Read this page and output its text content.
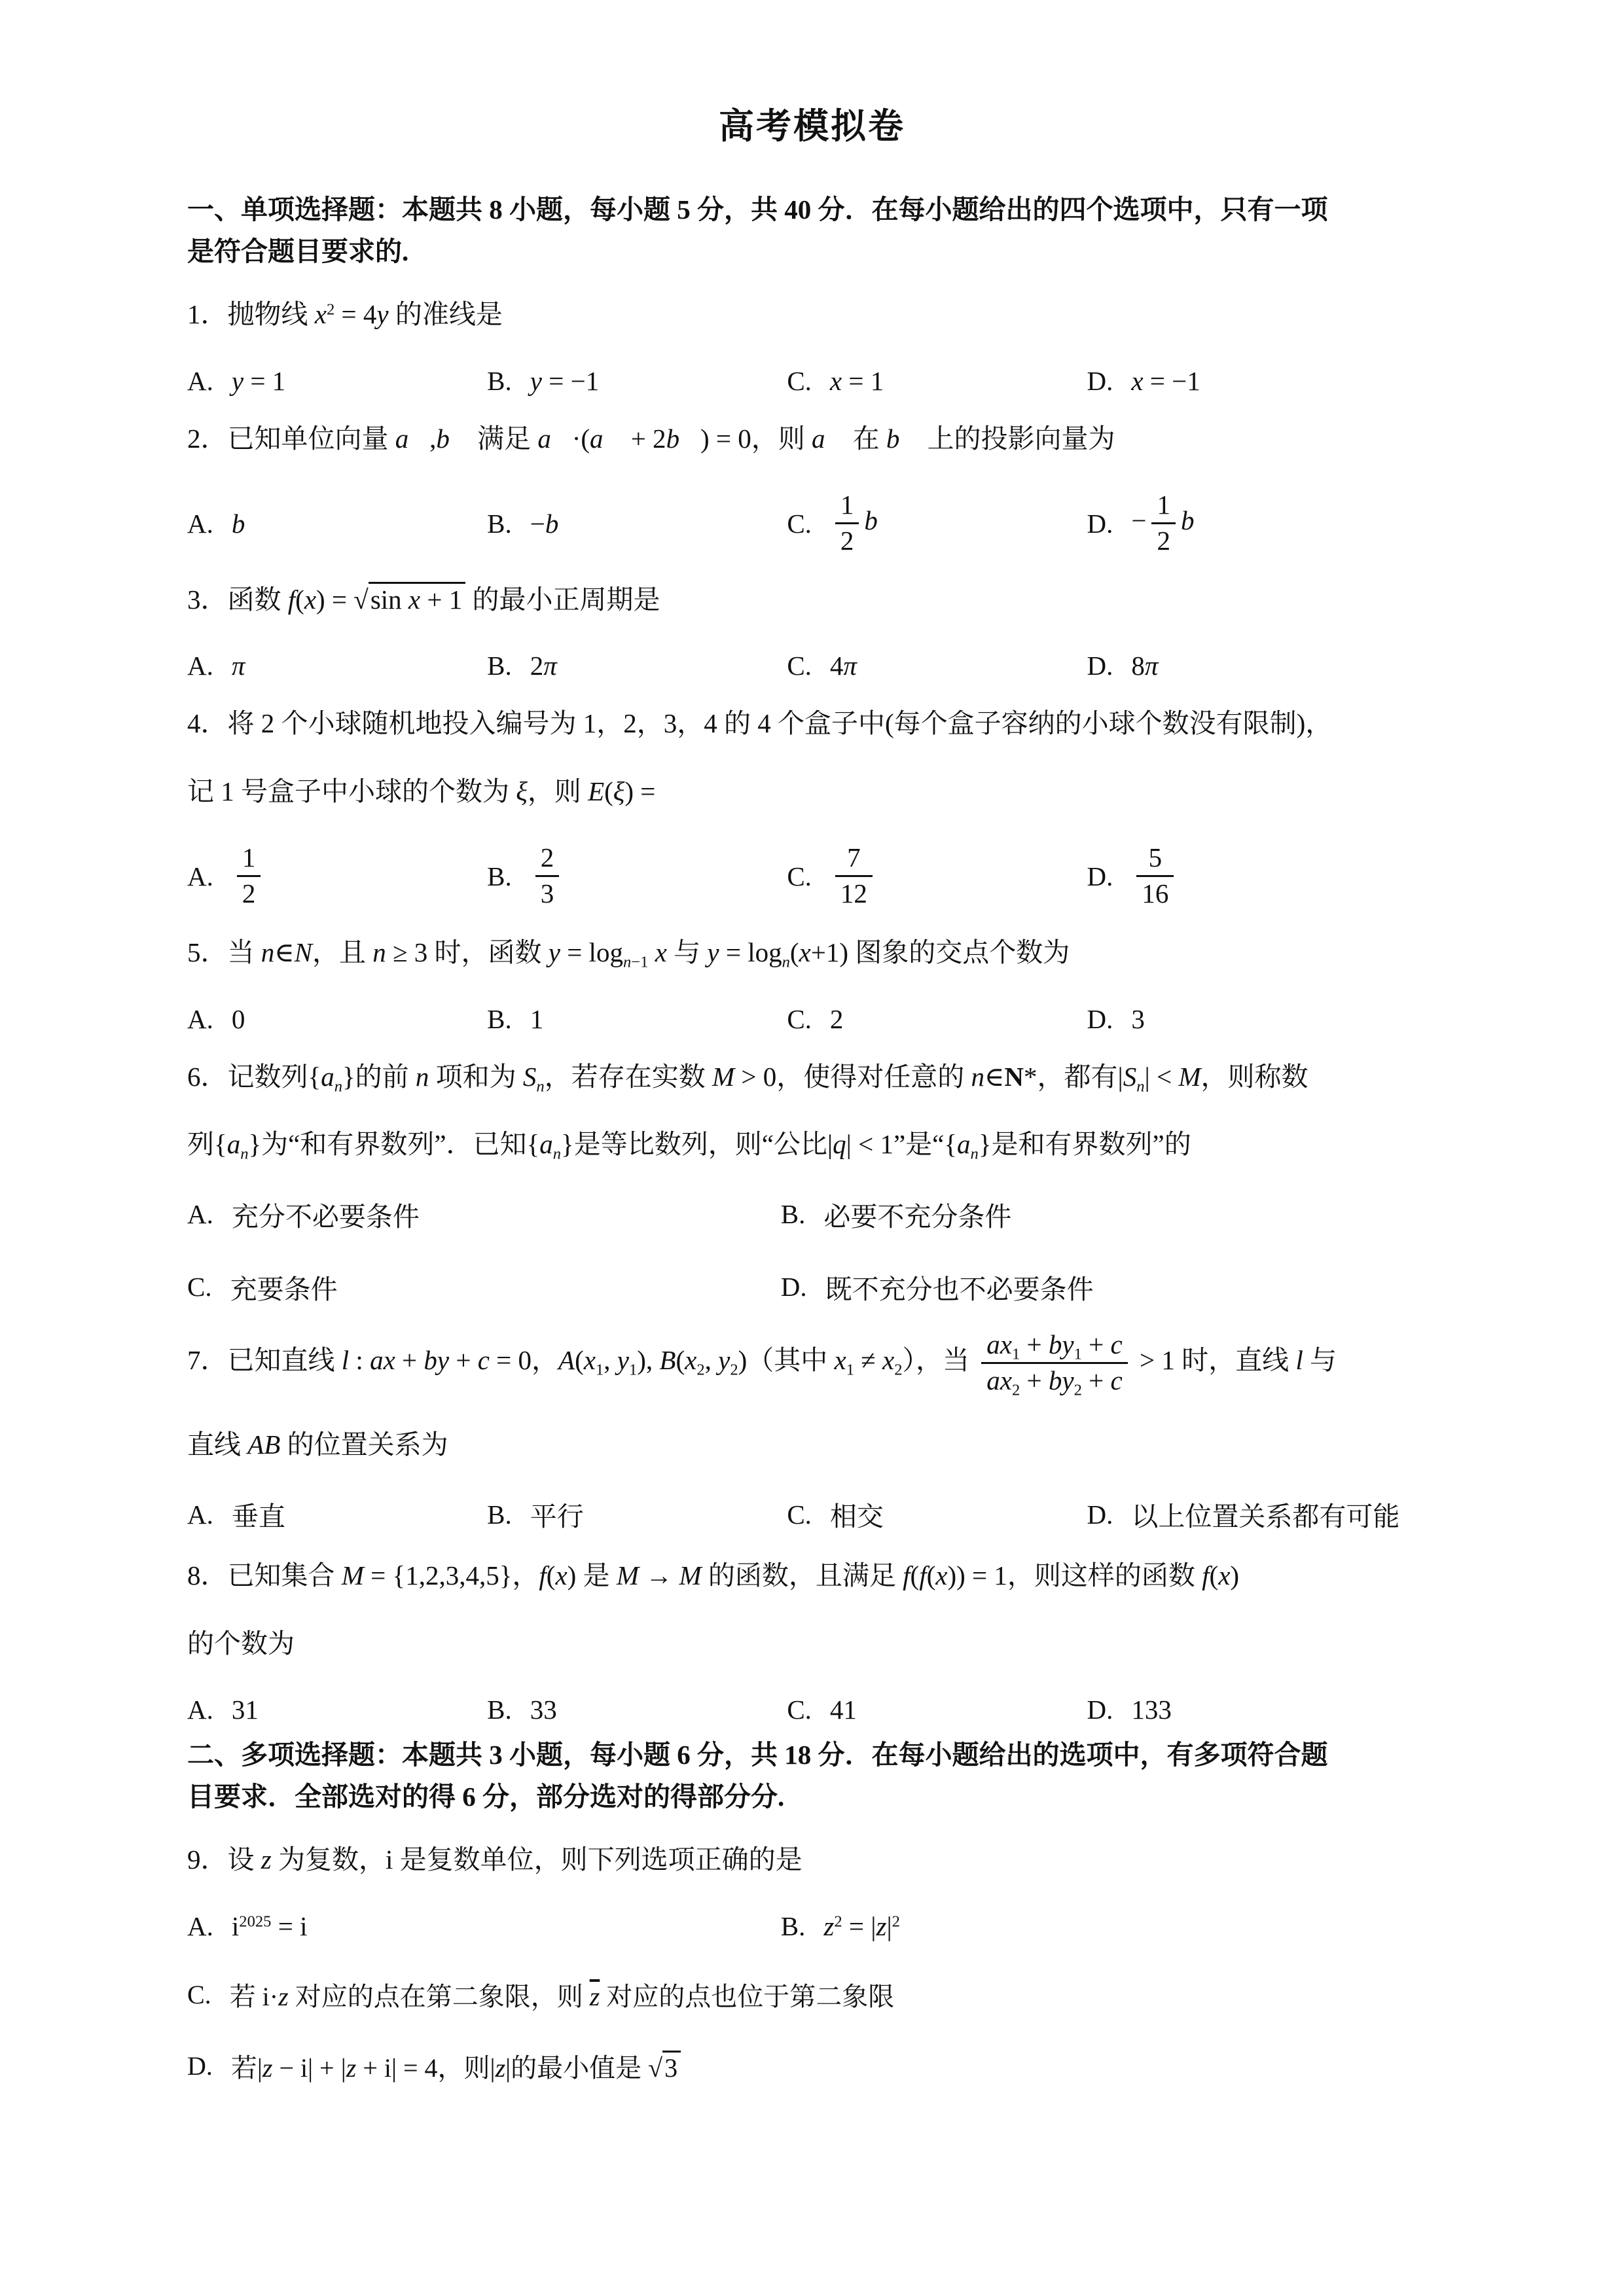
高考模拟卷

一、单项选择题：本题共 8 小题，每小题 5 分，共 40 分．在每小题给出的四个选项中，只有一项

是符合题目要求的.

1．抛物线 $x^2 = 4y$ 的准线是

A. y = 1	B. y = −1	C. x = 1	D. x = −1

2．已知单位向量 a⃗,b⃗ 满足 a⃗·(a⃗ + 2b⃗) = 0，则 a⃗ 在 b⃗ 上的投影向量为

A. b⃗	B. −b⃗	C. $\frac{1}{2}$ b⃗	D. − $\frac{1}{2}$ b⃗

3．函数 f(x) = √sin x + 1 的最小正周期是

A. π	B. 2π	C. 4π	D. 8π

4．将 2 个小球随机地投入编号为 1，2，3，4 的 4 个盒子中(每个盒子容纳的小球个数没有限制)，

记 1 号盒子中小球的个数为 ξ，则 E(ξ) =

A. $\frac{1}{2}$	B. $\frac{2}{3}$	C. $\frac{7}{12}$	D. $\frac{5}{16}$

5．当 n∈N，且 n ≥ 3 时，函数 $y = \log_{n-1} x$ 与 $y = \log_n(x+1)$ 图象的交点个数为

A. 0	B. 1	C. 2	D. 3

6．记数列$\{a_n\}$的前 n 项和为 $S_n$，若存在实数 M > 0，使得对任意的 n∈N*，都有$|S_n| < M$，则称数

列$\{a_n\}$为“和有界数列”．已知$\{a_n\}$是等比数列，则“公比|q| < 1”是“$\{a_n\}$是和有界数列”的

A. 充分不必要条件	B. 必要不充分条件
C. 充要条件	D. 既不充分也不必要条件

7．已知直线 l : ax + by + c = 0，$A(x_1$, $y_1$), $B(x_2$, $y_2$)（其中 $x_1 \ne x_2$），当 $\frac{ax_1 + by_1 + c}{ax_2 + by_2 + c} > 1$ 时，直线 l 与

直线 AB 的位置关系为

A. 垂直	B. 平行	C. 相交	D. 以上位置关系都有可能

8．已知集合 M = {1,2,3,4,5}，f(x) 是 M → M 的函数，且满足 f(f(x)) = 1，则这样的函数 f(x)

的个数为

A. 31	B. 33	C. 41	D. 133

二、多项选择题：本题共 3 小题，每小题 6 分，共 18 分．在每小题给出的选项中，有多项符合题

目要求．全部选对的得 6 分，部分选对的得部分分.

9．设 z 为复数，i 是复数单位，则下列选项正确的是

A. $i^{2025} = i$	B. $z^2 = |z|^2$
C. 若 i·z 对应的点在第二象限，则 $\overline{z}$ 对应的点也位于第二象限
D. 若|z − i| + |z + i| = 4，则|z|的最小值是 √3
